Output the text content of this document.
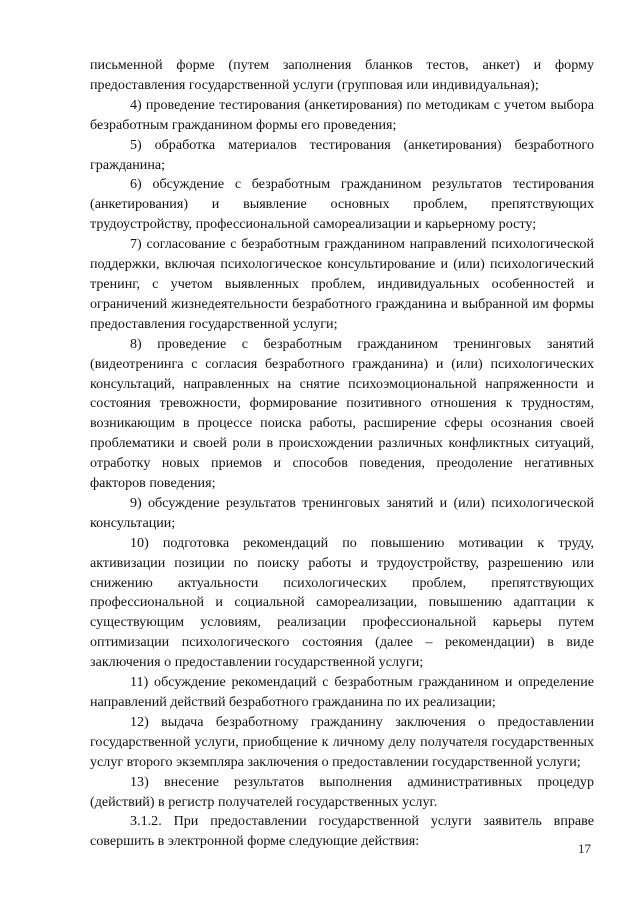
письменной форме (путем заполнения бланков тестов, анкет) и форму предоставления государственной услуги (групповая или индивидуальная);

4) проведение тестирования (анкетирования) по методикам с учетом выбора безработным гражданином формы его проведения;

5) обработка материалов тестирования (анкетирования) безработного гражданина;

6) обсуждение с безработным гражданином результатов тестирования (анкетирования) и выявление основных проблем, препятствующих трудоустройству, профессиональной самореализации и карьерному росту;

7) согласование с безработным гражданином направлений психологической поддержки, включая психологическое консультирование и (или) психологический тренинг, с учетом выявленных проблем, индивидуальных особенностей и ограничений жизнедеятельности безработного гражданина и выбранной им формы предоставления государственной услуги;

8) проведение с безработным гражданином тренинговых занятий (видеотренинга с согласия безработного гражданина) и (или) психологических консультаций, направленных на снятие психоэмоциональной напряженности и состояния тревожности, формирование позитивного отношения к трудностям, возникающим в процессе поиска работы, расширение сферы осознания своей проблематики и своей роли в происхождении различных конфликтных ситуаций, отработку новых приемов и способов поведения, преодоление негативных факторов поведения;

9) обсуждение результатов тренинговых занятий и (или) психологической консультации;

10) подготовка рекомендаций по повышению мотивации к труду, активизации позиции по поиску работы и трудоустройству, разрешению или снижению актуальности психологических проблем, препятствующих профессиональной и социальной самореализации, повышению адаптации к существующим условиям, реализации профессиональной карьеры путем оптимизации психологического состояния (далее – рекомендации) в виде заключения о предоставлении государственной услуги;

11) обсуждение рекомендаций с безработным гражданином и определение направлений действий безработного гражданина по их реализации;

12) выдача безработному гражданину заключения о предоставлении государственной услуги, приобщение к личному делу получателя государственных услуг второго экземпляра заключения о предоставлении государственной услуги;

13) внесение результатов выполнения административных процедур (действий) в регистр получателей государственных услуг.

3.1.2. При предоставлении государственной услуги заявитель вправе совершить в электронной форме следующие действия:	17
